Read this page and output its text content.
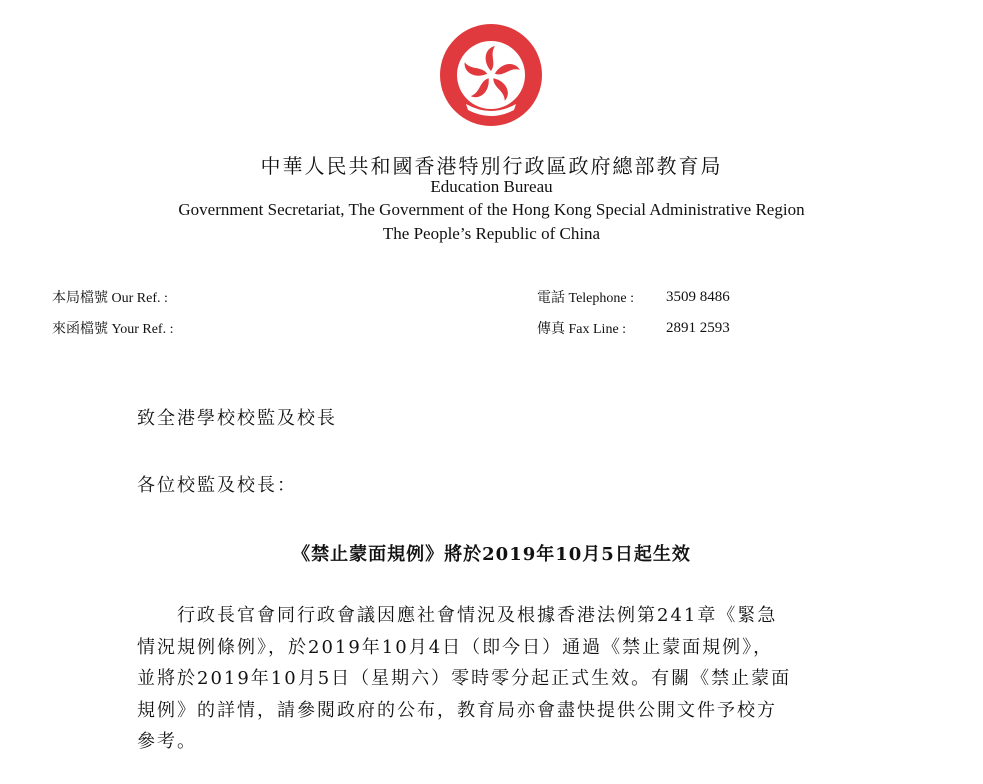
中華人民共和國香港特別行政區政府總部教育局
Education Bureau
Government Secretariat, The Government of the Hong Kong Special Administrative Region
The People’s Republic of China
本局檔號 Our Ref. :
來函檔號 Your Ref. :
電話 Telephone : 3509 8486
傳真 Fax Line :	2891 2593
致全港學校校監及校長
各位校監及校長：
《禁止蒙面規例》將於2019年10月5日起生效
　　行政長官會同行政會議因應社會情況及根據香港法例第241章《緊急
情況規例條例》，於2019年10月4日（即今日）通過《禁止蒙面規例》，
並將於2019年10月5日（星期六）零時零分起正式生效。有關《禁止蒙面
規例》的詳情，請參閱政府的公布，教育局亦會盡快提供公開文件予校方
參考。
